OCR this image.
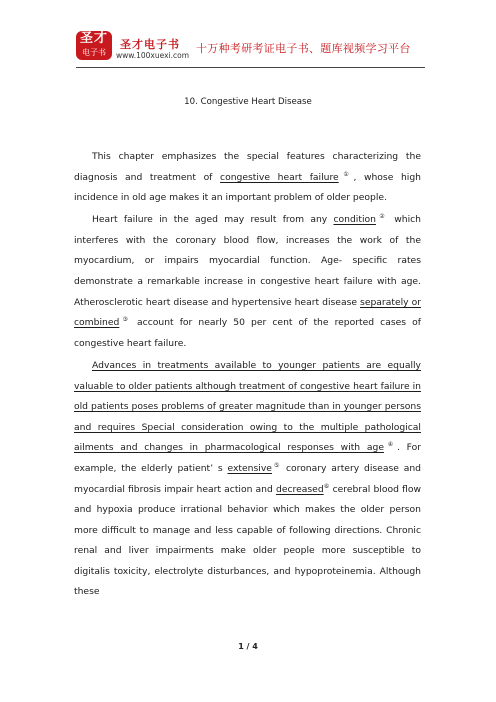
圣才
电子书
圣才电子书
www.100xuexi.com
十万种考研考证电子书、题库视频学习平台
10. Congestive Heart Disease

This chapter emphasizes the special features characterizing the diagnosis and treatment of congestive heart failure①, whose high incidence in old age makes it an important problem of older people.

Heart failure in the aged may result from any condition② which interferes with the coronary blood flow, increases the work of the myocardium, or impairs myocardial function. Age- specific rates demonstrate a remarkable increase in congestive heart failure with age. Atherosclerotic heart disease and hypertensive heart disease separately or combined③ account for nearly 50 per cent of the reported cases of congestive heart failure.

Advances in treatments available to younger patients are equally valuable to older patients although treatment of congestive heart failure in old patients poses problems of greater magnitude than in younger persons and requires Special consideration owing to the multiple pathological ailments and changes in pharmacological responses with age④. For example, the elderly patient’ s extensive⑤ coronary artery disease and myocardial fibrosis impair heart action and decreased⑥ cerebral blood flow and hypoxia produce irrational behavior which makes the older person more difficult to manage and less capable of following directions. Chronic renal and liver impairments make older people more susceptible to digitalis toxicity, electrolyte disturbances, and hypoproteinemia. Although these

1 / 4
